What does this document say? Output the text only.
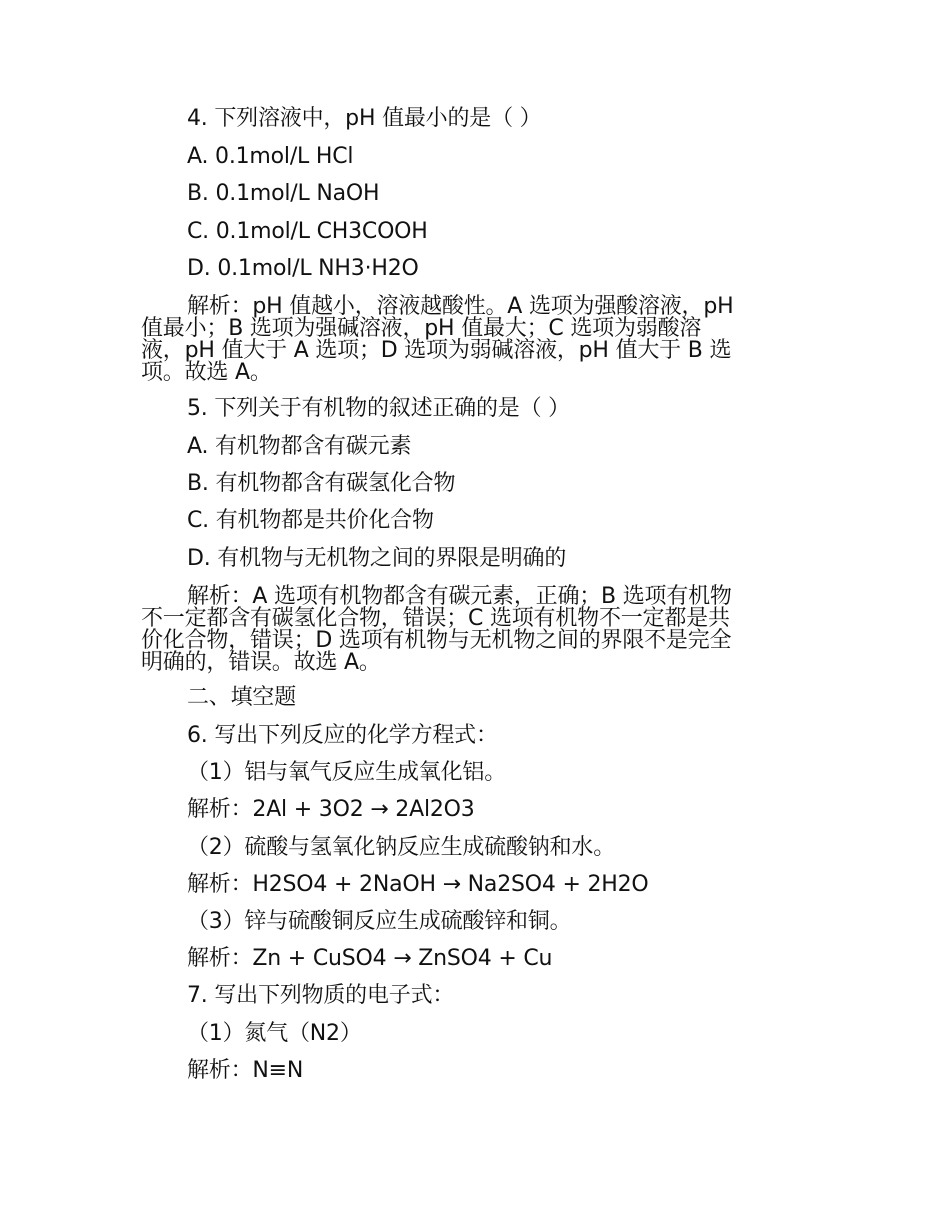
4. 下列溶液中，pH 值最小的是（ ）

A. 0.1mol/L HCl

B. 0.1mol/L NaOH

C. 0.1mol/L CH3COOH

D. 0.1mol/L NH3·H2O

解析：pH 值越小，溶液越酸性。A 选项为强酸溶液，pH

值最小；B 选项为强碱溶液，pH 值最大；C 选项为弱酸溶

液，pH 值大于 A 选项；D 选项为弱碱溶液，pH 值大于 B 选

项。故选 A。

5. 下列关于有机物的叙述正确的是（ ）

A. 有机物都含有碳元素

B. 有机物都含有碳氢化合物

C. 有机物都是共价化合物

D. 有机物与无机物之间的界限是明确的

解析：A 选项有机物都含有碳元素，正确；B 选项有机物

不一定都含有碳氢化合物，错误；C 选项有机物不一定都是共

价化合物，错误；D 选项有机物与无机物之间的界限不是完全

明确的，错误。故选 A。

二、填空题

6. 写出下列反应的化学方程式：

（1）铝与氧气反应生成氧化铝。

解析：2Al + 3O2 → 2Al2O3

（2）硫酸与氢氧化钠反应生成硫酸钠和水。

解析：H2SO4 + 2NaOH → Na2SO4 + 2H2O

（3）锌与硫酸铜反应生成硫酸锌和铜。

解析：Zn + CuSO4 → ZnSO4 + Cu

7. 写出下列物质的电子式：

（1）氮气（N2）

解析：N≡N
